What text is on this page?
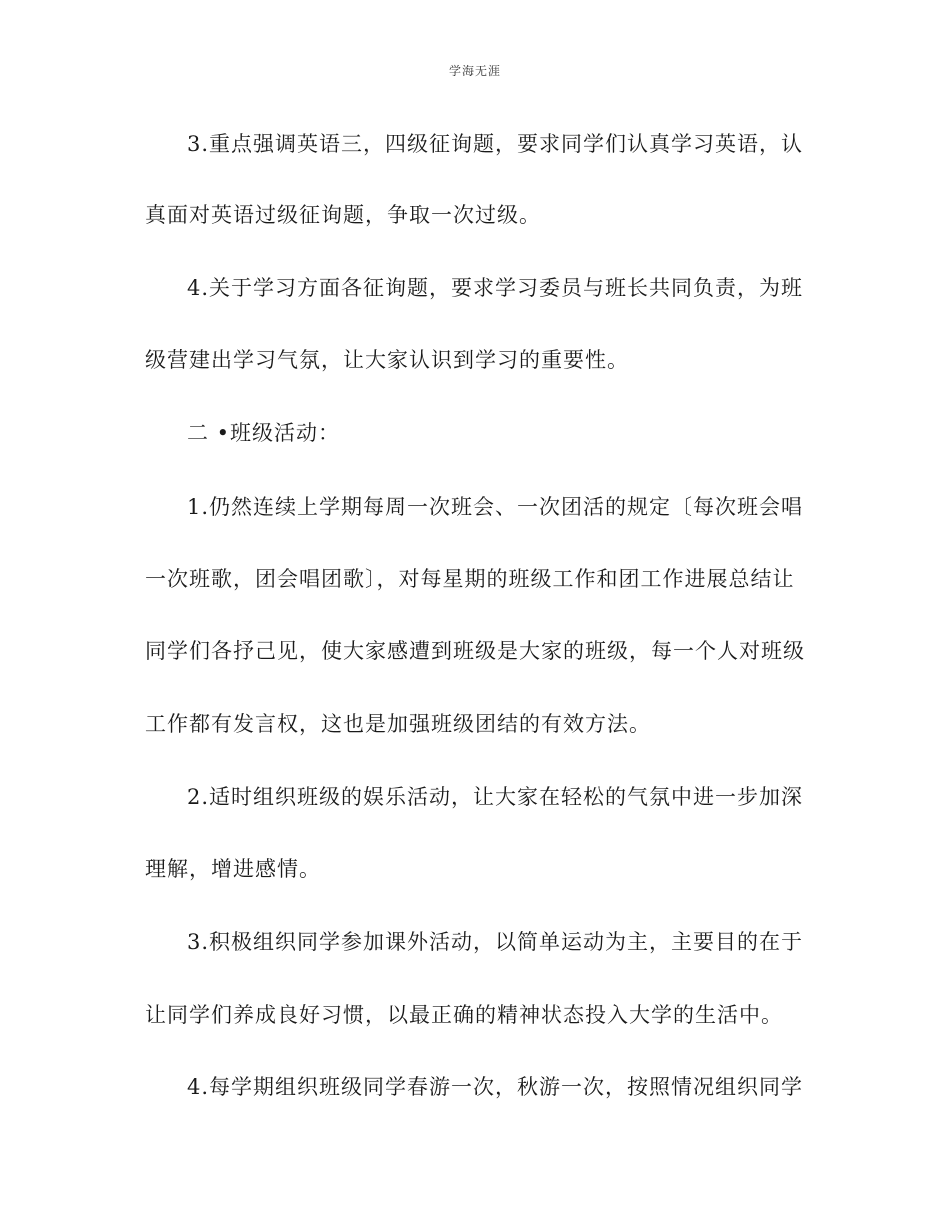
学海无涯
3.重点强调英语三，四级征询题，要求同学们认真学习英语，认
真面对英语过级征询题，争取一次过级。
4.关于学习方面各征询题，要求学习委员与班长共同负责，为班
级营建出学习气氛，让大家认识到学习的重要性。
二 •班级活动：
1.仍然连续上学期每周一次班会、一次团活的规定〔每次班会唱
一次班歌，团会唱团歌〕，对每星期的班级工作和团工作进展总结让
同学们各抒己见，使大家感遭到班级是大家的班级，每一个人对班级
工作都有发言权，这也是加强班级团结的有效方法。
2.适时组织班级的娱乐活动，让大家在轻松的气氛中进一步加深
理解，增进感情。
3.积极组织同学参加课外活动，以简单运动为主，主要目的在于
让同学们养成良好习惯，以最正确的精神状态投入大学的生活中。
4.每学期组织班级同学春游一次，秋游一次，按照情况组织同学
